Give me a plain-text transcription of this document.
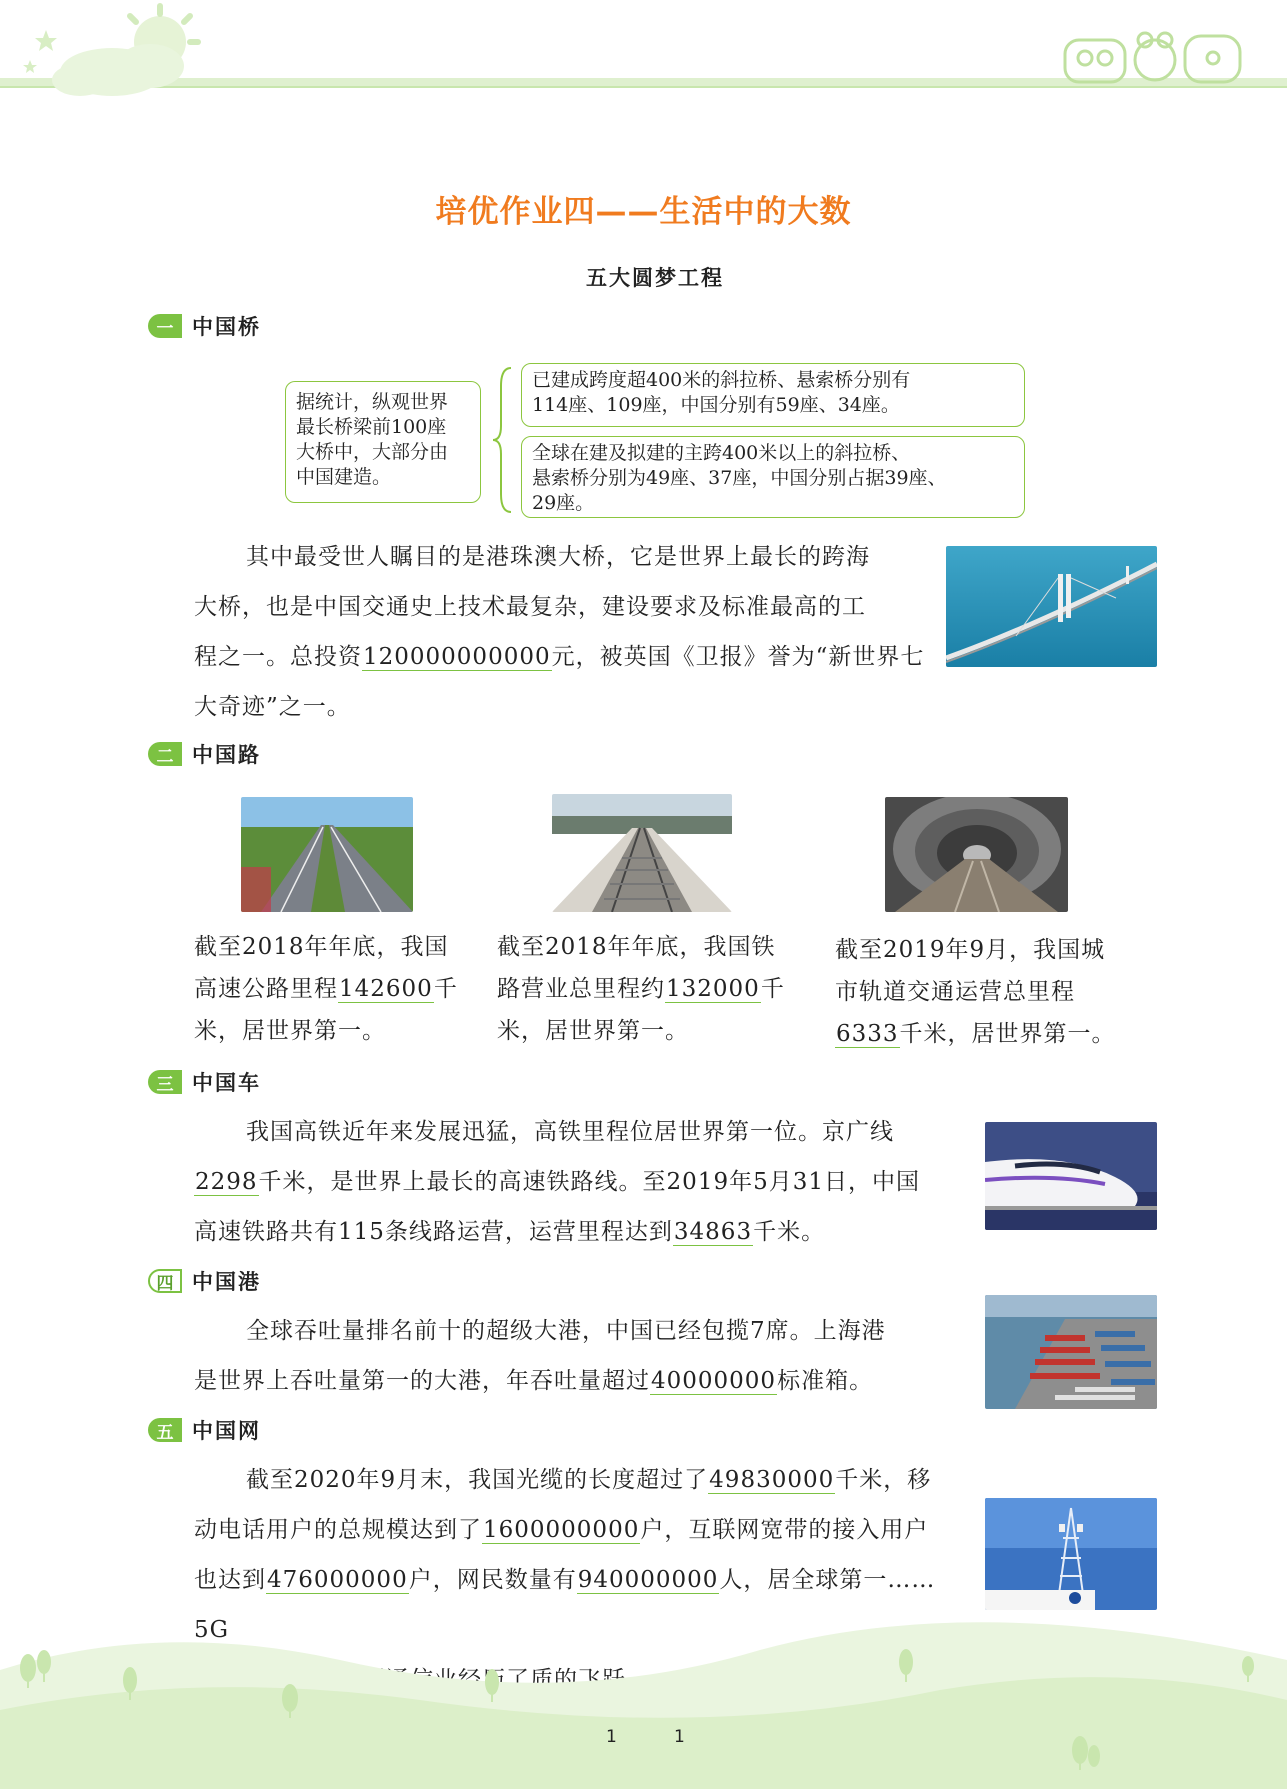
培优作业四——生活中的大数
五大圆梦工程
一 中国桥
据统计，纵观世界
最长桥梁前100座
大桥中，大部分由
中国建造。
已建成跨度超400米的斜拉桥、悬索桥分别有
114座、109座，中国分别有59座、34座。
全球在建及拟建的主跨400米以上的斜拉桥、
悬索桥分别为49座、37座，中国分别占据39座、
29座。
其中最受世人瞩目的是港珠澳大桥，它是世界上最长的跨海
大桥，也是中国交通史上技术最复杂，建设要求及标准最高的工
程之一。总投资120000000000元，被英国《卫报》誉为“新世界七
大奇迹”之一。
二 中国路
截至2018年年底，我国
高速公路里程142600千
米，居世界第一。
截至2018年年底，我国铁
路营业总里程约132000千
米，居世界第一。
截至2019年9月，我国城
市轨道交通运营总里程
6333千米，居世界第一。
三 中国车
我国高铁近年来发展迅猛，高铁里程位居世界第一位。京广线
2298千米，是世界上最长的高速铁路线。至2019年5月31日，中国
高速铁路共有115条线路运营，运营里程达到34863千米。
四 中国港
全球吞吐量排名前十的超级大港，中国已经包揽7席。上海港
是世界上吞吐量第一的大港，年吞吐量超过40000000标准箱。
五 中国网
截至2020年9月末，我国光缆的长度超过了49830000千米，移
动电话用户的总规模达到了1600000000户，互联网宽带的接入用户
也达到476000000户，网民数量有940000000人，居全球第一……5G
1	1
